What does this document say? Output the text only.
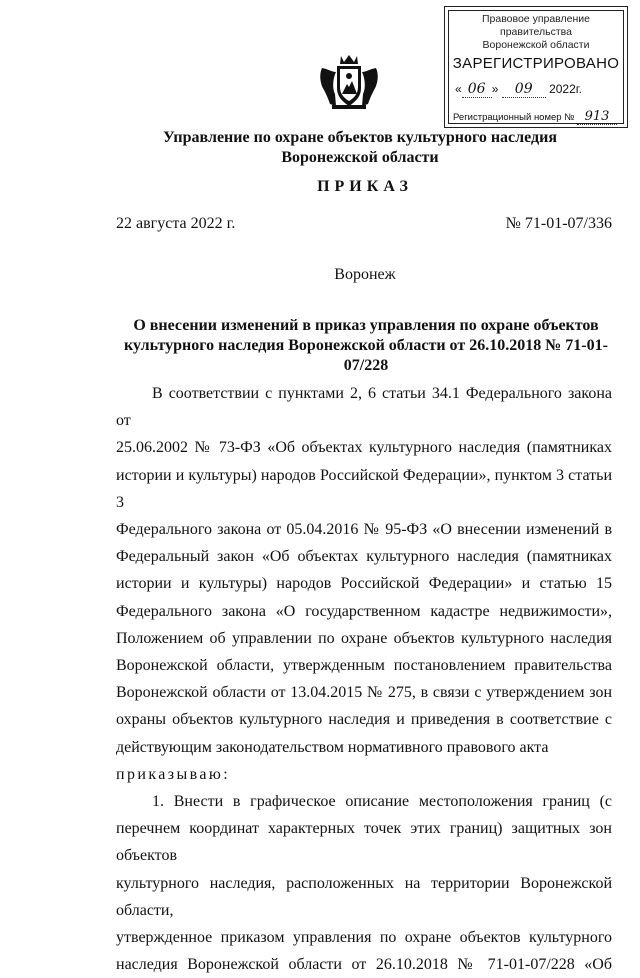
Правовое управление правительства
Воронежской области
ЗАРЕГИСТРИРОВАНО
« 06 » 09 2022г.
Регистрационный номер № 913
Управление по охране объектов культурного наследия
Воронежской области
ПРИКАЗ
22 августа 2022 г.	№ 71-01-07/336
Воронеж
О внесении изменений в приказ управления по охране объектов
культурного наследия Воронежской области от 26.10.2018 № 71-01-07/228

В соответствии с пунктами 2, 6 статьи 34.1 Федерального закона от

25.06.2002 № 73-ФЗ «Об объектах культурного наследия (памятниках

истории и культуры) народов Российской Федерации», пунктом 3 статьи 3

Федерального закона от 05.04.2016 № 95-ФЗ «О внесении изменений в

Федеральный закон «Об объектах культурного наследия (памятниках

истории и культуры) народов Российской Федерации» и статью 15

Федерального закона «О государственном кадастре недвижимости»,

Положением об управлении по охране объектов культурного наследия

Воронежской области, утвержденным постановлением правительства

Воронежской области от 13.04.2015 № 275, в связи с утверждением зон

охраны объектов культурного наследия и приведения в соответствие с

действующим законодательством нормативного правового акта

приказываю:

1. Внести в графическое описание местоположения границ (с

перечнем координат характерных точек этих границ) защитных зон объектов

культурного наследия, расположенных на территории Воронежской области,

утвержденное приказом управления по охране объектов культурного

наследия Воронежской области от 26.10.2018 № 71-01-07/228 «Об
